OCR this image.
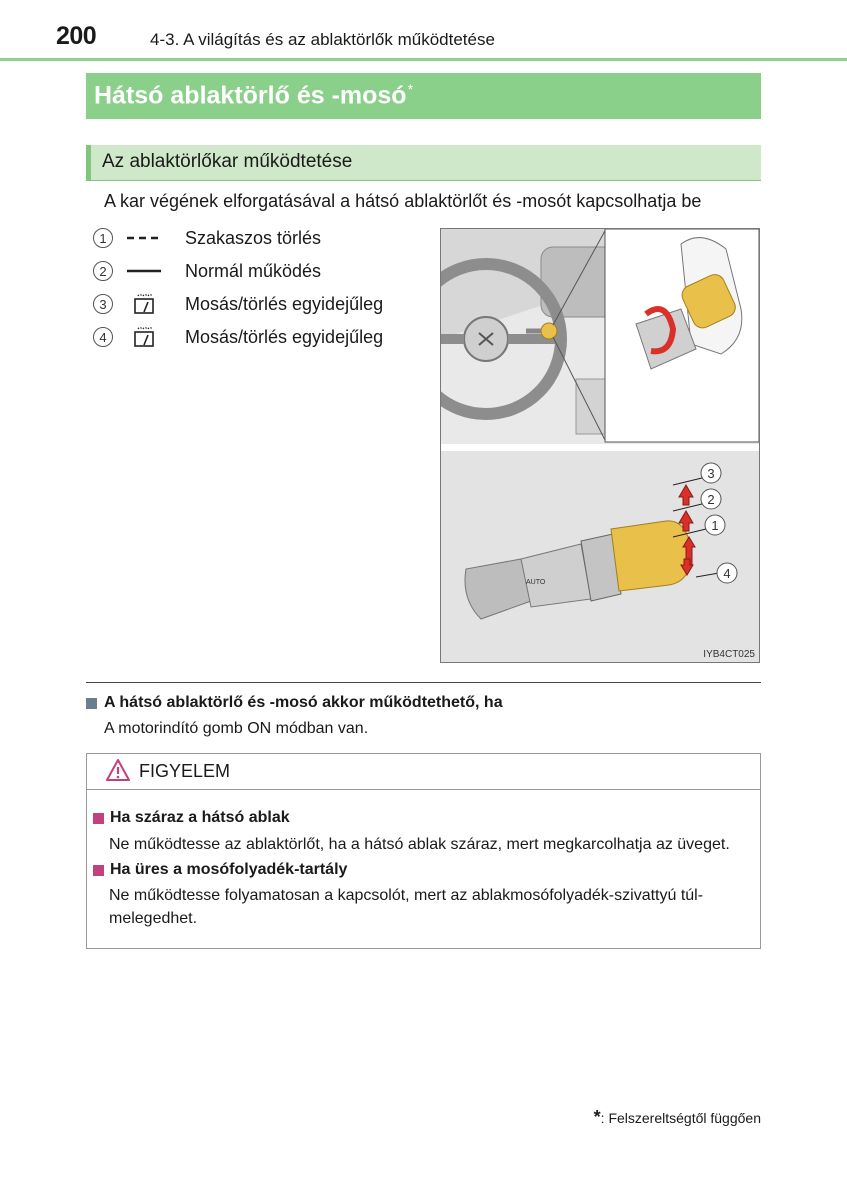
200	4-3. A világítás és az ablaktörlők működtetése
Hátsó ablaktörlő és -mosó*
Az ablaktörlőkar működtetése
A kar végének elforgatásával a hátsó ablaktörlőt és -mosót kapcsolhatja be
1	Szakaszos törlés
2	Normál működés
3	Mosás/törlés egyidejűleg
4	Mosás/törlés egyidejűleg
AUTO
3
2
1
4
IYB4CT025
A hátsó ablaktörlő és -mosó akkor működtethető, ha
A motorindító gomb ON módban van.
FIGYELEM
Ha száraz a hátsó ablak
Ne működtesse az ablaktörlőt, ha a hátsó ablak száraz, mert megkarcolhatja az üveget.
Ha üres a mosófolyadék-tartály
Ne működtesse folyamatosan a kapcsolót, mert az ablakmosófolyadék-szivattyú túl-
melegedhet.
*: Felszereltségtől függően
